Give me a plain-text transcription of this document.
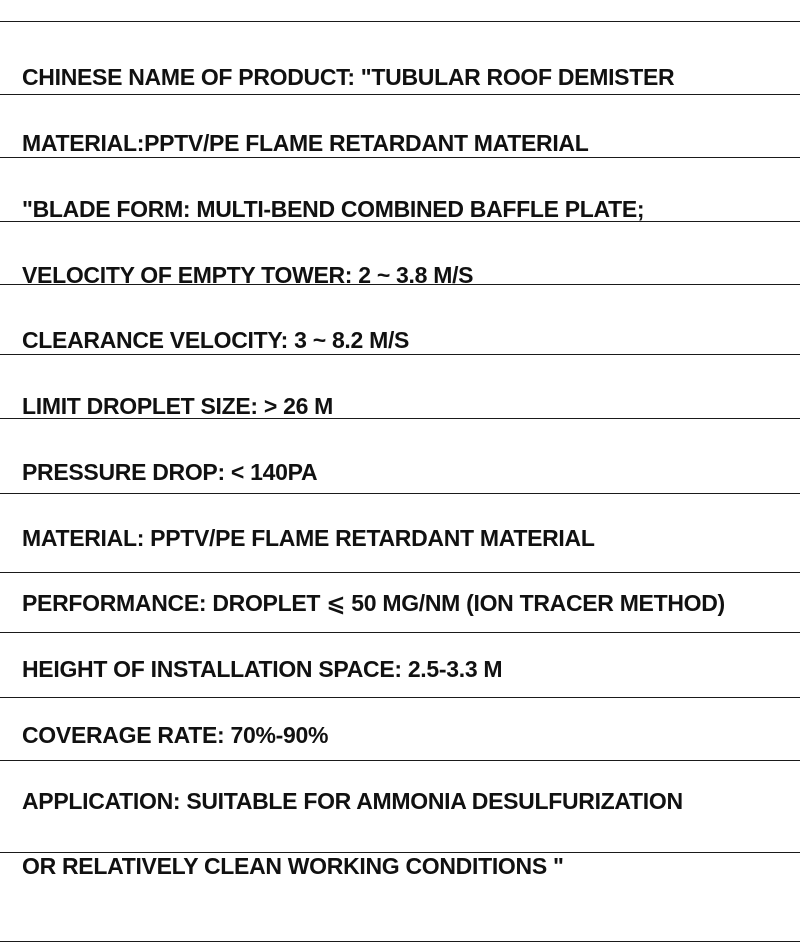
CHINESE NAME OF PRODUCT: "TUBULAR ROOF DEMISTER

MATERIAL:PPTV/PE FLAME RETARDANT MATERIAL

"BLADE FORM: MULTI-BEND COMBINED BAFFLE PLATE;

VELOCITY OF EMPTY TOWER: 2 ~ 3.8 M/S

CLEARANCE VELOCITY: 3 ~ 8.2 M/S

LIMIT DROPLET SIZE: > 26 M

PRESSURE DROP: < 140PA

MATERIAL: PPTV/PE FLAME RETARDANT MATERIAL

PERFORMANCE: DROPLET ⩽ 50 MG/NM (ION TRACER METHOD)

HEIGHT OF INSTALLATION SPACE: 2.5-3.3 M

COVERAGE RATE: 70%-90%

APPLICATION: SUITABLE FOR AMMONIA DESULFURIZATION

OR RELATIVELY CLEAN WORKING CONDITIONS "
